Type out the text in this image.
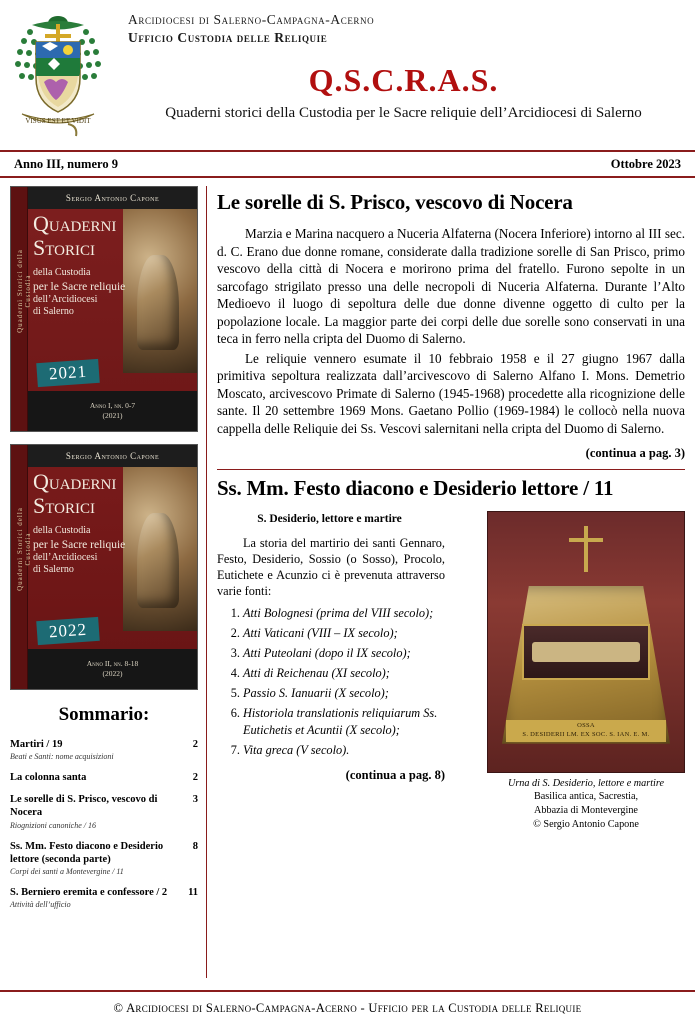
VISUS EST ET VIDIT
Arcidiocesi di Salerno-Campagna-Acerno
Ufficio Custodia delle Reliquie
Q.S.C.R.A.S.
Quaderni storici della Custodia per le Sacre reliquie dell’Arcidiocesi di Salerno
Anno III, numero 9	Ottobre 2023
Quaderni Storici della Custodia
Sergio Antonio Capone
Quaderni
Storici
della Custodia
per le Sacre reliquie
dell’Arcidiocesi
di Salerno
2021
Anno I, nn. 0-7
(2021)
Quaderni Storici della Custodia
Sergio Antonio Capone
Quaderni
Storici
della Custodia
per le Sacre reliquie
dell’Arcidiocesi
di Salerno
2022
Anno II, nn. 8-18
(2022)
Sommario:
Martiri / 19
Beati e Santi: nome acquisizioni
2
La colonna santa	2
Le sorelle di S. Prisco, vescovo di Nocera
Riognizioni canoniche / 16
3
Ss. Mm. Festo diacono e Desiderio lettore (seconda parte)
Corpi dei santi a Montevergine / 11
8
S. Berniero eremita e confessore / 2
Attività dell’ufficio
11
Le sorelle di S. Prisco, vescovo di Nocera

Marzia e Marina nacquero a Nuceria Alfaterna (Nocera Inferiore) intorno al III sec. d. C. Erano due donne romane, considerate dalla tradizione sorelle di San Prisco, primo vescovo della città di Nocera e morirono prima del fratello. Furono sepolte in un sarcofago strigilato presso una delle necropoli di Nuceria Alfaterna. Durante l’Alto Medioevo il luogo di sepoltura delle due donne divenne oggetto di culto per la popolazione locale. La maggior parte dei corpi delle due sorelle sono conservati in una teca in ferro nella cripta del Duomo di Salerno.

Le reliquie vennero esumate il 10 febbraio 1958 e il 27 giugno 1967 dalla primitiva sepoltura realizzata dall’arcivescovo di Salerno Alfano I. Mons. Demetrio Moscato, arcivescovo Primate di Salerno (1945-1968) procedette alla ricognizione delle sante. Il 20 settembre 1969 Mons. Gaetano Pollio (1969-1984) le collocò nella nuova cappella delle Reliquie dei Ss. Vescovi salernitani nella cripta del Duomo di Salerno.

(continua a pag. 3)
Ss. Mm. Festo diacono e Desiderio lettore / 11
OSSA
S. DESIDERII LM. EX SOC. S. IAN. E. M.
Urna di S. Desiderio, lettore e martire
Basilica antica, Sacrestia,
Abbazia di Montevergine
© Sergio Antonio Capone
S. Desiderio, lettore e martire

La storia del martirio dei santi Gennaro, Festo, Desiderio, Sossio (o Sosso), Procolo, Eutichete e Acunzio ci è prevenuta attraverso varie fonti:

1. Atti Bolognesi (prima del VIII secolo);
2. Atti Vaticani (VIII – IX secolo);
3. Atti Puteolani (dopo il IX secolo);
4. Atti di Reichenau (XI secolo);
5. Passio S. Ianuarii (X secolo);
6. Historiola translationis reliquiarum Ss. Eutichetis et Acuntii (X secolo);
7. Vita greca (V secolo).
(continua a pag. 8)
© Arcidiocesi di Salerno-Campagna-Acerno - Ufficio per la Custodia delle Reliquie
